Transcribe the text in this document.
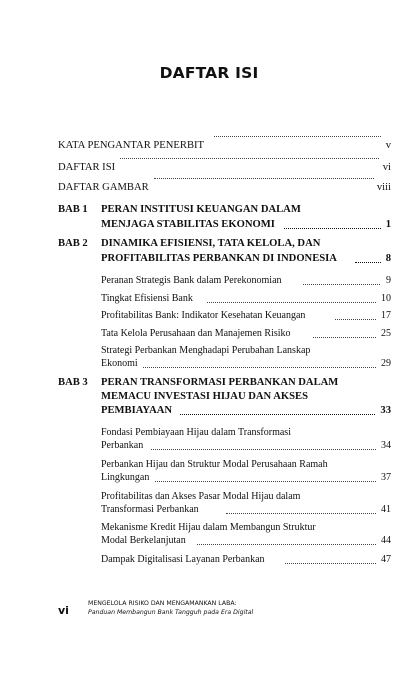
DAFTAR ISI
KATA PENGANTAR PENERBIT	v
DAFTAR ISI	vi
DAFTAR GAMBAR	viii
BAB 1 PERAN INSTITUSI KEUANGAN DALAM
MENJAGA STABILITAS EKONOMI	1
BAB 2 DINAMIKA EFISIENSI, TATA KELOLA, DAN
PROFITABILITAS PERBANKAN DI INDONESIA	8
Peranan Strategis Bank dalam Perekonomian	9
Tingkat Efisiensi Bank	10
Profitabilitas Bank: Indikator Kesehatan Keuangan	17
Tata Kelola Perusahaan dan Manajemen Risiko	25
Strategi Perbankan Menghadapi Perubahan Lanskap
Ekonomi	29
BAB 3 PERAN TRANSFORMASI PERBANKAN DALAM
MEMACU INVESTASI HIJAU DAN AKSES
PEMBIAYAAN	33
Fondasi Pembiayaan Hijau dalam Transformasi
Perbankan	34
Perbankan Hijau dan Struktur Modal Perusahaan Ramah
Lingkungan	37
Profitabilitas dan Akses Pasar Modal Hijau dalam
Transformasi Perbankan	41
Mekanisme Kredit Hijau dalam Membangun Struktur
Modal Berkelanjutan	44
Dampak Digitalisasi Layanan Perbankan	47
vi
MENGELOLA RISIKO DAN MENGAMANKAN LABA:
Panduan Membangun Bank Tangguh pada Era Digital
